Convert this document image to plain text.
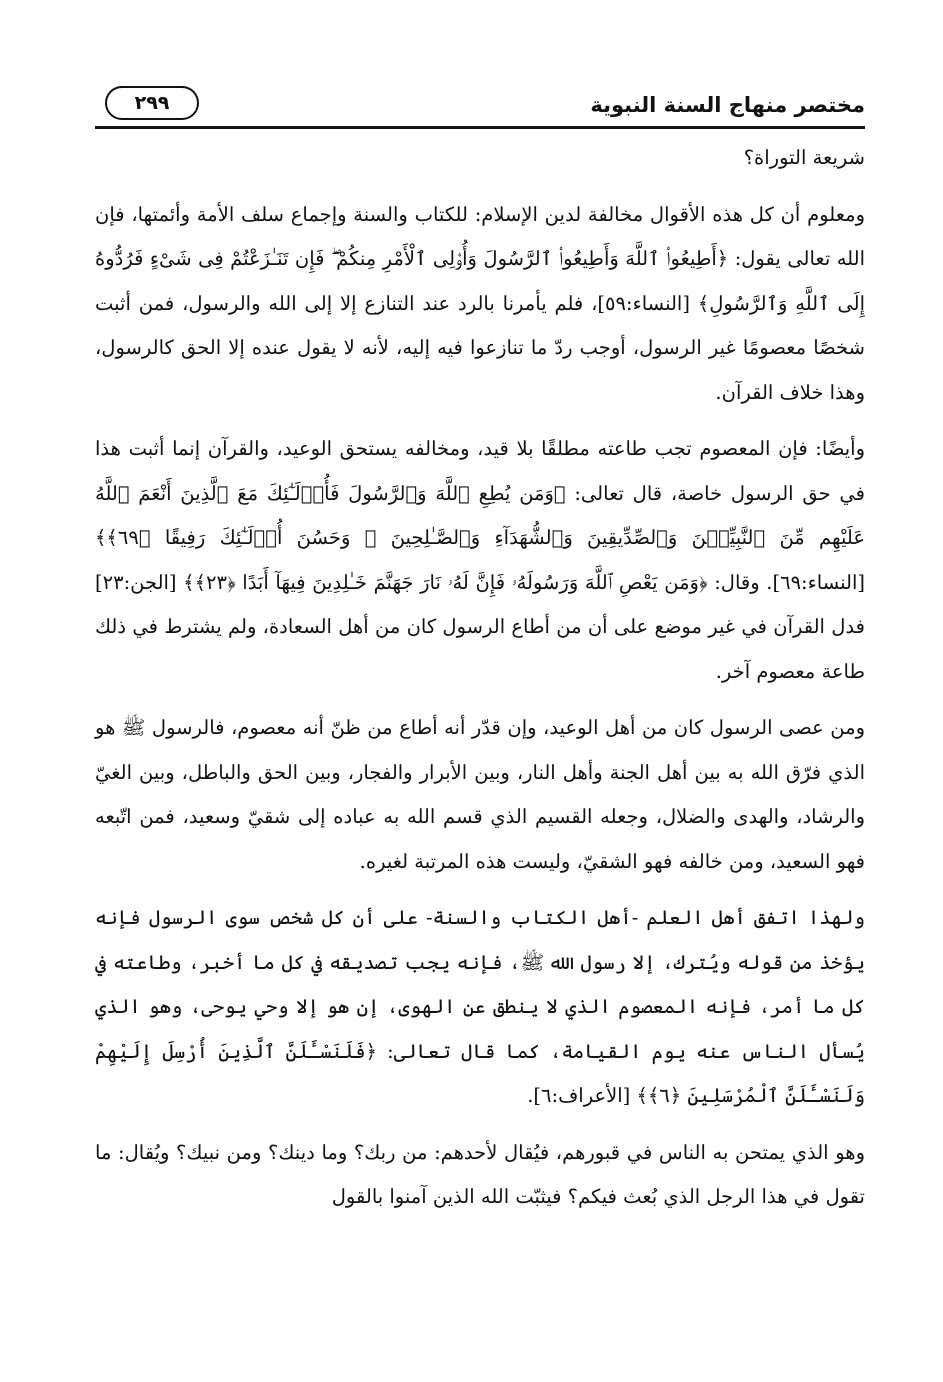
مختصر منهاج السنة النبوية
٢٩٩

شريعة التوراة؟

ومعلوم أن كل هذه الأقوال مخالفة لدين الإسلام: للكتاب والسنة وإجماع سلف الأمة وأئمتها، فإن الله تعالى يقول: ﴿أَطِيعُوا۟ ٱللَّهَ وَأَطِيعُوا۟ ٱلرَّسُولَ وَأُو۟لِى ٱلْأَمْرِ مِنكُمْ ۖ فَإِن تَنَـٰزَعْتُمْ فِى شَىْءٍ فَرُدُّوهُ إِلَى ٱللَّهِ وَٱلرَّسُولِ﴾ [النساء:٥٩]، فلم يأمرنا بالرد عند التنازع إلا إلى الله والرسول، فمن أثبت شخصًا معصومًا غير الرسول، أوجب ردّ ما تنازعوا فيه إليه، لأنه لا يقول عنده إلا الحق كالرسول، وهذا خلاف القرآن.

وأيضًا: فإن المعصوم تجب طاعته مطلقًا بلا قيد، ومخالفه يستحق الوعيد، والقرآن إنما أثبت هذا في حق الرسول خاصة، قال تعالى: ﴿وَمَن يُطِعِ ٱللَّهَ وَٱلرَّسُولَ فَأُو۟لَـٰٓئِكَ مَعَ ٱلَّذِينَ أَنْعَمَ ٱللَّهُ عَلَيْهِم مِّنَ ٱلنَّبِيِّـۧنَ وَٱلصِّدِّيقِينَ وَٱلشُّهَدَآءِ وَٱلصَّـٰلِحِينَ ۚ وَحَسُنَ أُو۟لَـٰٓئِكَ رَفِيقًا ﴿٦٩﴾﴾ [النساء:٦٩]. وقال: ﴿وَمَن يَعْصِ ٱللَّهَ وَرَسُولَهُۥ فَإِنَّ لَهُۥ نَارَ جَهَنَّمَ خَـٰلِدِينَ فِيهَآ أَبَدًا ﴿٢٣﴾﴾ [الجن:٢٣] فدل القرآن في غير موضع على أن من أطاع الرسول كان من أهل السعادة، ولم يشترط في ذلك طاعة معصوم آخر.

ومن عصى الرسول كان من أهل الوعيد، وإن قدّر أنه أطاع من ظنّ أنه معصوم، فالرسول ﷺ هو الذي فرّق الله به بين أهل الجنة وأهل النار، وبين الأبرار والفجار، وبين الحق والباطل، وبين الغيّ والرشاد، والهدى والضلال، وجعله القسيم الذي قسم الله به عباده إلى شقيّ وسعيد، فمن اتّبعه فهو السعيد، ومن خالفه فهو الشقيّ، وليست هذه المرتبة لغيره.

ولهذا اتفق أهل العلم -أهل الكتاب والسنة- على أن كل شخص سوى الرسول فإنه يؤخذ من قوله ويُترك، إلا رسول الله ﷺ، فإنه يجب تصديقه في كل ما أخبر، وطاعته في كل ما أمر، فإنه المعصوم الذي لا ينطق عن الهوى، إن هو إلا وحي يوحى، وهو الذي يُسأل الناس عنه يوم القيامة، كما قال تعالى: ﴿فَلَنَسْـَٔلَنَّ ٱلَّذِينَ أُرْسِلَ إِلَيْهِمْ وَلَنَسْـَٔلَنَّ ٱلْمُرْسَلِينَ ﴿٦﴾﴾ [الأعراف:٦].

وهو الذي يمتحن به الناس في قبورهم، فيُقال لأحدهم: من ربك؟ وما دينك؟ ومن نبيك؟ ويُقال: ما تقول في هذا الرجل الذي بُعث فيكم؟ فيثبّت الله الذين آمنوا بالقول
